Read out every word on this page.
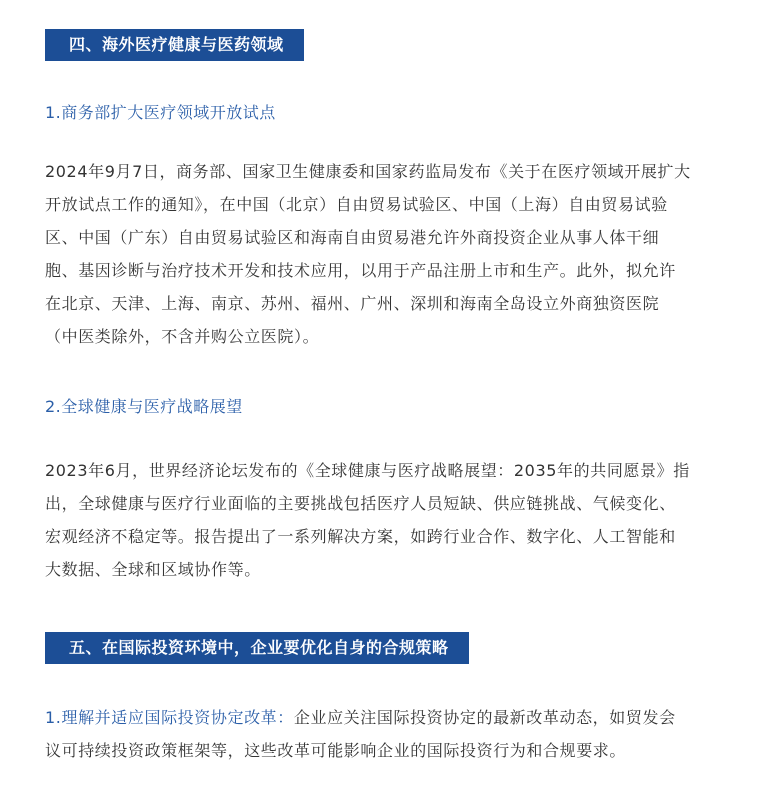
四、海外医疗健康与医药领域
1.商务部扩大医疗领域开放试点
2024年9月7日，商务部、国家卫生健康委和国家药监局发布《关于在医疗领域开展扩大
开放试点工作的通知》，在中国（北京）自由贸易试验区、中国（上海）自由贸易试验
区、中国（广东）自由贸易试验区和海南自由贸易港允许外商投资企业从事人体干细
胞、基因诊断与治疗技术开发和技术应用，以用于产品注册上市和生产。此外，拟允许
在北京、天津、上海、南京、苏州、福州、广州、深圳和海南全岛设立外商独资医院
（中医类除外，不含并购公立医院）。
2.全球健康与医疗战略展望
2023年6月，世界经济论坛发布的《全球健康与医疗战略展望：2035年的共同愿景》指
出，全球健康与医疗行业面临的主要挑战包括医疗人员短缺、供应链挑战、气候变化、
宏观经济不稳定等。报告提出了一系列解决方案，如跨行业合作、数字化、人工智能和
大数据、全球和区域协作等。
五、在国际投资环境中，企业要优化自身的合规策略
1.理解并适应国际投资协定改革：企业应关注国际投资协定的最新改革动态，如贸发会
议可持续投资政策框架等，这些改革可能影响企业的国际投资行为和合规要求。
